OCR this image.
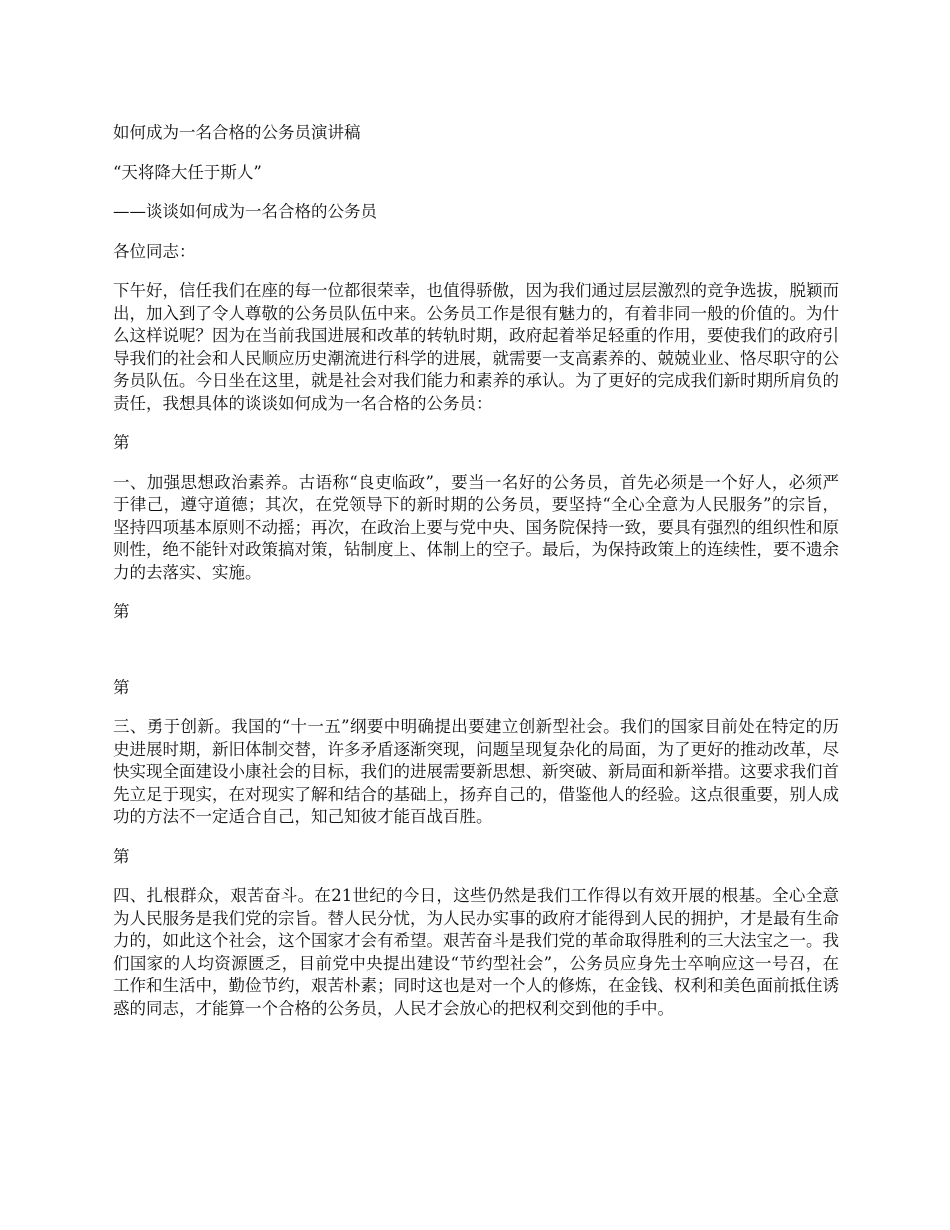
如何成为一名合格的公务员演讲稿

“天将降大任于斯人”

——谈谈如何成为一名合格的公务员

各位同志：

下午好，信任我们在座的每一位都很荣幸，也值得骄傲，因为我们通过层层激烈的竞争选拔，脱颖而出，加入到了令人尊敬的公务员队伍中来。公务员工作是很有魅力的，有着非同一般的价值的。为什么这样说呢？因为在当前我国进展和改革的转轨时期，政府起着举足轻重的作用，要使我们的政府引导我们的社会和人民顺应历史潮流进行科学的进展，就需要一支高素养的、兢兢业业、恪尽职守的公务员队伍。今日坐在这里，就是社会对我们能力和素养的承认。为了更好的完成我们新时期所肩负的责任，我想具体的谈谈如何成为一名合格的公务员：

第

一、加强思想政治素养。古语称“良吏临政”，要当一名好的公务员，首先必须是一个好人，必须严于律己，遵守道德；其次，在党领导下的新时期的公务员，要坚持“全心全意为人民服务”的宗旨，坚持四项基本原则不动摇；再次，在政治上要与党中央、国务院保持一致，要具有强烈的组织性和原则性，绝不能针对政策搞对策，钻制度上、体制上的空子。最后，为保持政策上的连续性，要不遗余力的去落实、实施。

第

第

三、勇于创新。我国的“十一五”纲要中明确提出要建立创新型社会。我们的国家目前处在特定的历史进展时期，新旧体制交替，许多矛盾逐渐突现，问题呈现复杂化的局面，为了更好的推动改革，尽快实现全面建设小康社会的目标，我们的进展需要新思想、新突破、新局面和新举措。这要求我们首先立足于现实，在对现实了解和结合的基础上，扬弃自己的，借鉴他人的经验。这点很重要，别人成功的方法不一定适合自己，知己知彼才能百战百胜。

第

四、扎根群众，艰苦奋斗。在21世纪的今日，这些仍然是我们工作得以有效开展的根基。全心全意为人民服务是我们党的宗旨。替人民分忧，为人民办实事的政府才能得到人民的拥护，才是最有生命力的，如此这个社会，这个国家才会有希望。艰苦奋斗是我们党的革命取得胜利的三大法宝之一。我们国家的人均资源匮乏，目前党中央提出建设“节约型社会”，公务员应身先士卒响应这一号召，在工作和生活中，勤俭节约，艰苦朴素；同时这也是对一个人的修炼，在金钱、权利和美色面前抵住诱惑的同志，才能算一个合格的公务员，人民才会放心的把权利交到他的手中。
